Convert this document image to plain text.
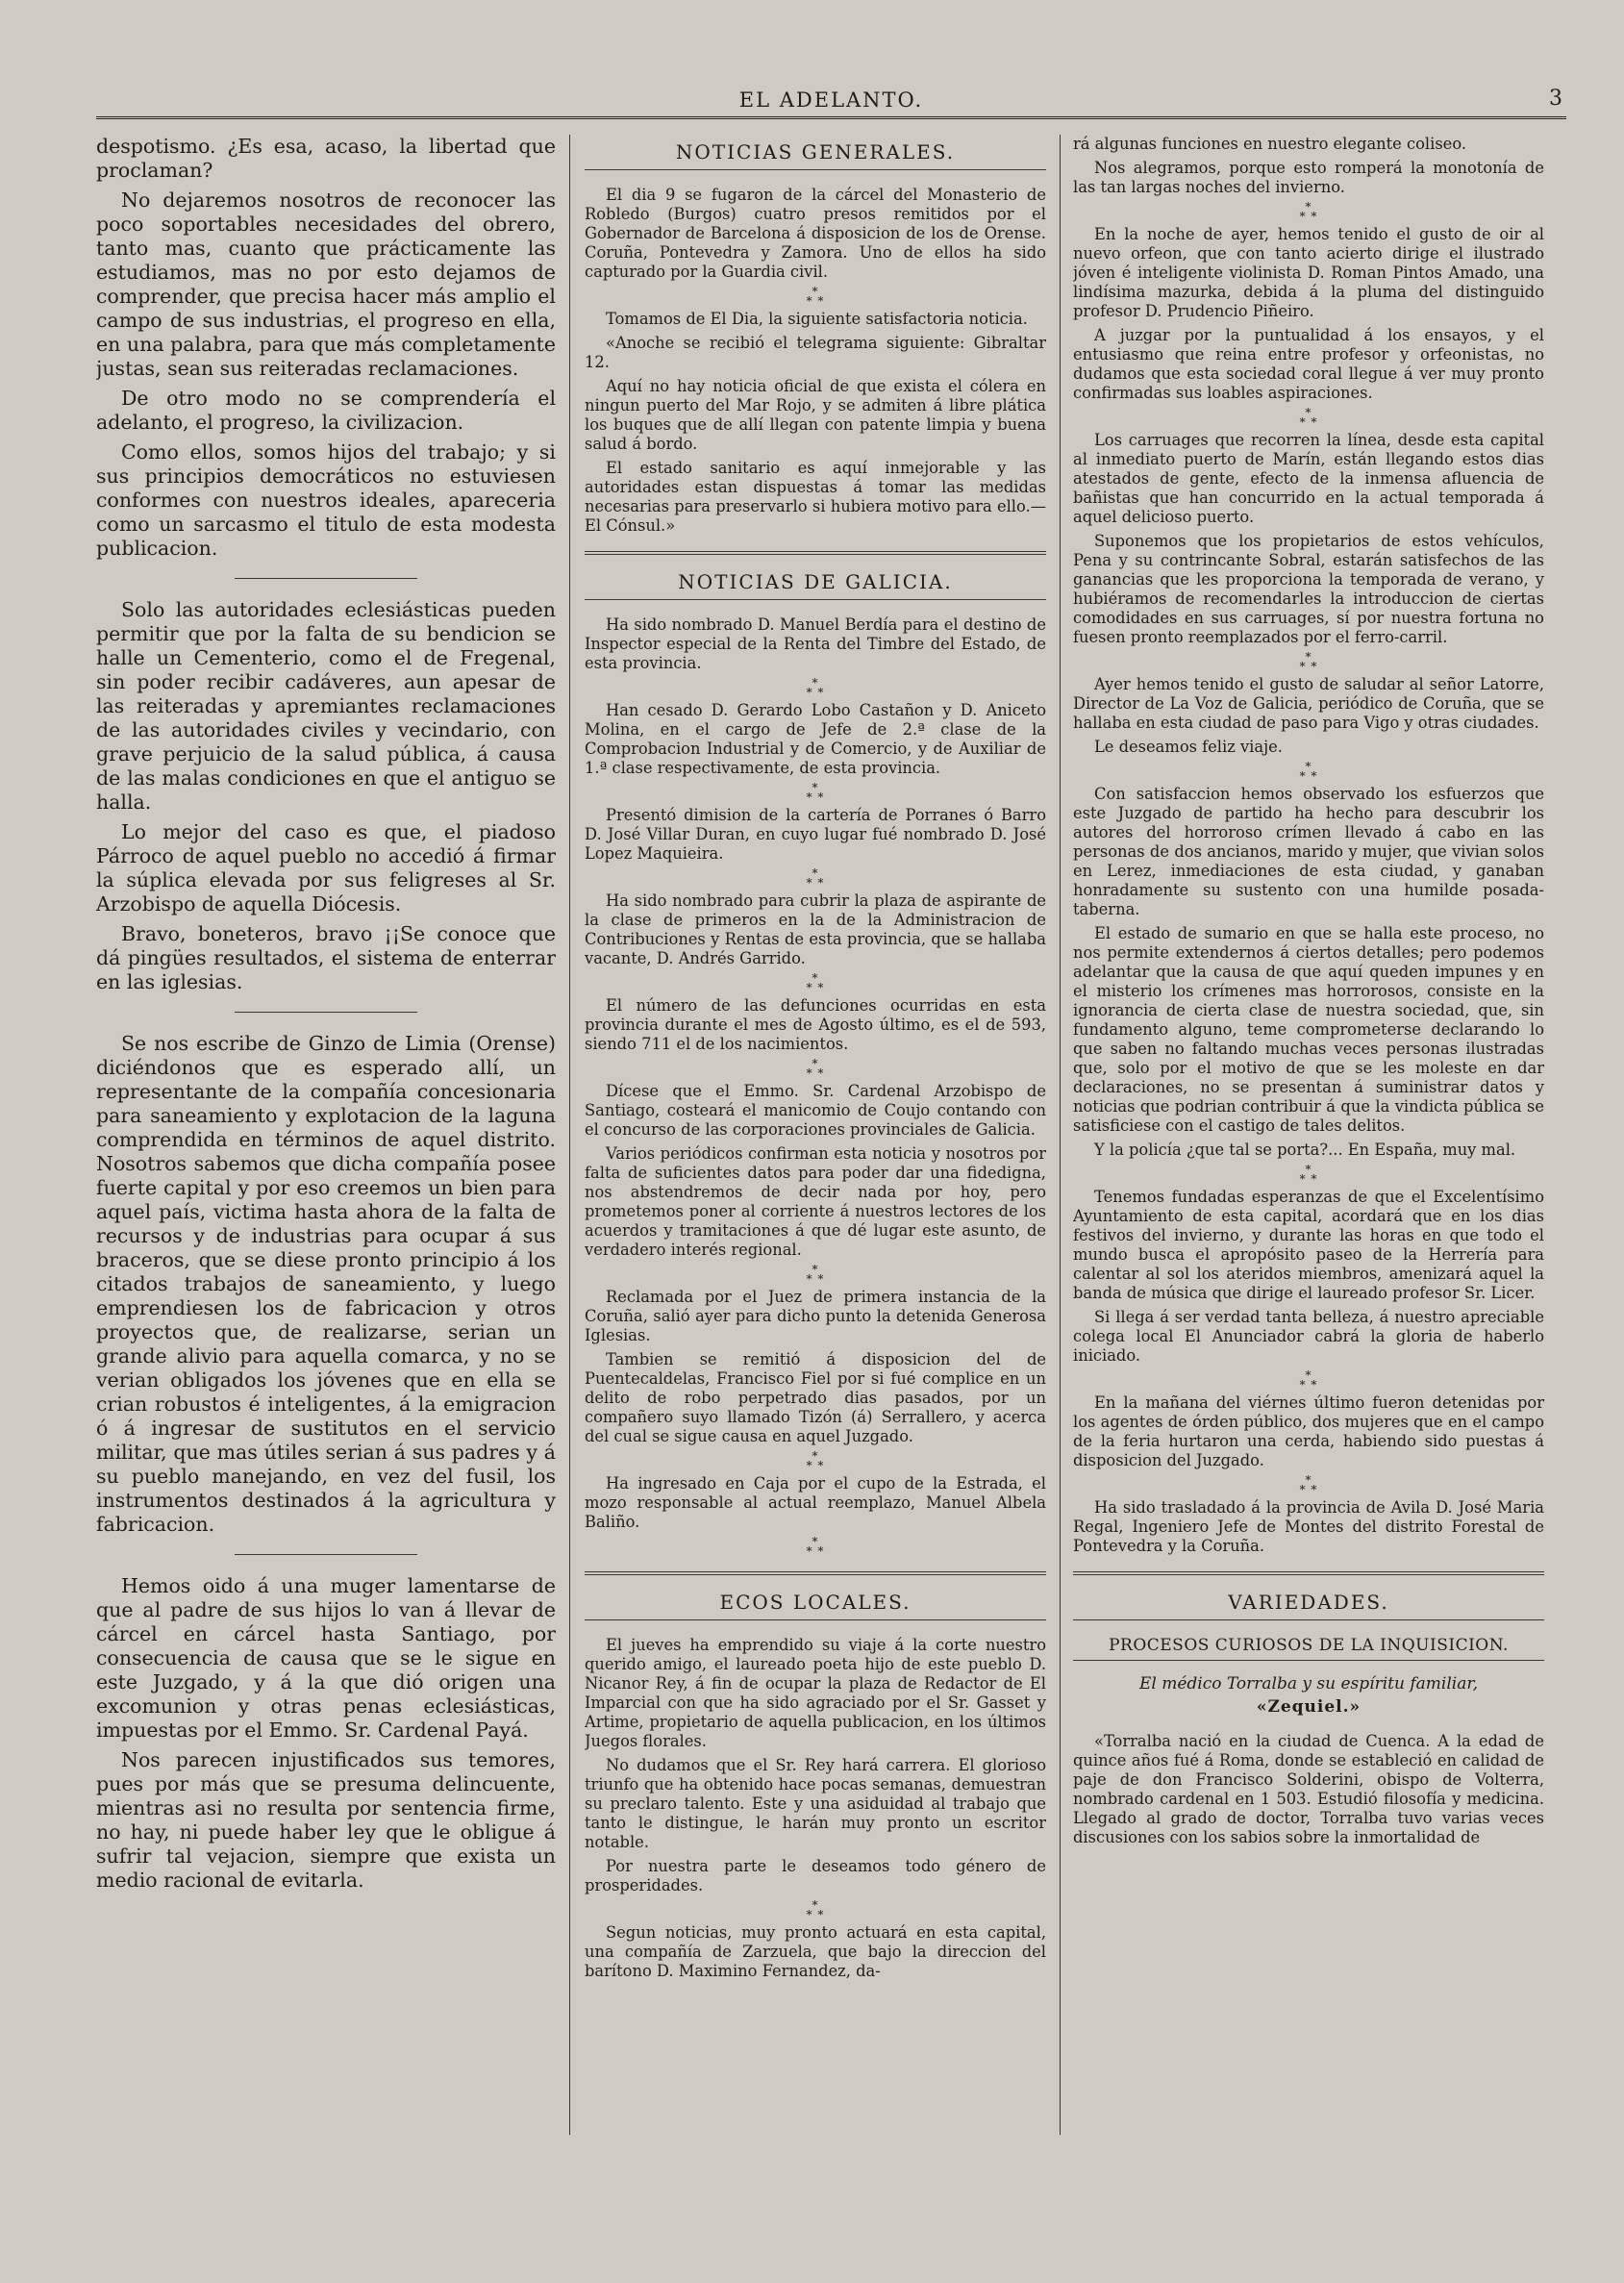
EL ADELANTO.	3

despotismo. ¿Es esa, acaso, la libertad que proclaman?

No dejaremos nosotros de reconocer las poco soportables necesidades del obrero, tanto mas, cuanto que prácticamente las estudiamos, mas no por esto dejamos de comprender, que precisa hacer más amplio el campo de sus industrias, el progreso en ella, en una palabra, para que más completamente justas, sean sus reiteradas reclamaciones.

De otro modo no se comprendería el adelanto, el progreso, la civilizacion.

Como ellos, somos hijos del trabajo; y si sus principios democráticos no estuviesen conformes con nuestros ideales, apareceria como un sarcasmo el titulo de esta modesta publicacion.

Solo las autoridades eclesiásticas pueden permitir que por la falta de su bendicion se halle un Cementerio, como el de Fregenal, sin poder recibir cadáveres, aun apesar de las reiteradas y apremiantes reclamaciones de las autoridades civiles y vecindario, con grave perjuicio de la salud pública, á causa de las malas condiciones en que el antiguo se halla.

Lo mejor del caso es que, el piadoso Párroco de aquel pueblo no accedió á firmar la súplica elevada por sus feligreses al Sr. Arzobispo de aquella Diócesis.

Bravo, boneteros, bravo ¡¡Se conoce que dá pingües resultados, el sistema de enterrar en las iglesias.

Se nos escribe de Ginzo de Limia (Orense) diciéndonos que es esperado allí, un representante de la compañía concesionaria para saneamiento y explotacion de la laguna comprendida en términos de aquel distrito. Nosotros sabemos que dicha compañía posee fuerte capital y por eso creemos un bien para aquel país, victima hasta ahora de la falta de recursos y de industrias para ocupar á sus braceros, que se diese pronto principio á los citados trabajos de saneamiento, y luego emprendiesen los de fabricacion y otros proyectos que, de realizarse, serian un grande alivio para aquella comarca, y no se verian obligados los jóvenes que en ella se crian robustos é inteligentes, á la emigracion ó á ingresar de sustitutos en el servicio militar, que mas útiles serian á sus padres y á su pueblo manejando, en vez del fusil, los instrumentos destinados á la agricultura y fabricacion.

Hemos oido á una muger lamentarse de que al padre de sus hijos lo van á llevar de cárcel en cárcel hasta Santiago, por consecuencia de causa que se le sigue en este Juzgado, y á la que dió origen una excomunion y otras penas eclesiásticas, impuestas por el Emmo. Sr. Cardenal Payá.

Nos parecen injustificados sus temores, pues por más que se presuma delincuente, mientras asi no resulta por sentencia firme, no hay, ni puede haber ley que le obligue á sufrir tal vejacion, siempre que exista un medio racional de evitarla.

NOTICIAS GENERALES.

El dia 9 se fugaron de la cárcel del Monasterio de Robledo (Burgos) cuatro presos remitidos por el Gobernador de Barcelona á disposicion de los de Orense. Coruña, Pontevedra y Zamora. Uno de ellos ha sido capturado por la Guardia civil.

*
* *

Tomamos de El Dia, la siguiente satisfactoria noticia.

«Anoche se recibió el telegrama siguiente: Gibraltar 12.

Aquí no hay noticia oficial de que exista el cólera en ningun puerto del Mar Rojo, y se admiten á libre plática los buques que de allí llegan con patente limpia y buena salud á bordo.

El estado sanitario es aquí inmejorable y las autoridades estan dispuestas á tomar las medidas necesarias para preservarlo si hubiera motivo para ello.—El Cónsul.»

NOTICIAS DE GALICIA.

Ha sido nombrado D. Manuel Berdía para el destino de Inspector especial de la Renta del Timbre del Estado, de esta provincia.

*
* *

Han cesado D. Gerardo Lobo Castañon y D. Aniceto Molina, en el cargo de Jefe de 2.ª clase de la Comprobacion Industrial y de Comercio, y de Auxiliar de 1.ª clase respectivamente, de esta provincia.

*
* *

Presentó dimision de la cartería de Porranes ó Barro D. José Villar Duran, en cuyo lugar fué nombrado D. José Lopez Maquieira.

*
* *

Ha sido nombrado para cubrir la plaza de aspirante de la clase de primeros en la de la Administracion de Contribuciones y Rentas de esta provincia, que se hallaba vacante, D. Andrés Garrido.

*
* *

El número de las defunciones ocurridas en esta provincia durante el mes de Agosto último, es el de 593, siendo 711 el de los nacimientos.

*
* *

Dícese que el Emmo. Sr. Cardenal Arzobispo de Santiago, costeará el manicomio de Coujo contando con el concurso de las corporaciones provinciales de Galicia.

Varios periódicos confirman esta noticia y nosotros por falta de suficientes datos para poder dar una fidedigna, nos abstendremos de decir nada por hoy, pero prometemos poner al corriente á nuestros lectores de los acuerdos y tramitaciones á que dé lugar este asunto, de verdadero interés regional.

*
* *

Reclamada por el Juez de primera instancia de la Coruña, salió ayer para dicho punto la detenida Generosa Iglesias.

Tambien se remitió á disposicion del de Puentecaldelas, Francisco Fiel por si fué complice en un delito de robo perpetrado dias pasados, por un compañero suyo llamado Tizón (á) Serrallero, y acerca del cual se sigue causa en aquel Juzgado.

*
* *

Ha ingresado en Caja por el cupo de la Estrada, el mozo responsable al actual reemplazo, Manuel Albela Baliño.

*
* *
ECOS LOCALES.

El jueves ha emprendido su viaje á la corte nuestro querido amigo, el laureado poeta hijo de este pueblo D. Nicanor Rey, á fin de ocupar la plaza de Redactor de El Imparcial con que ha sido agraciado por el Sr. Gasset y Artime, propietario de aquella publicacion, en los últimos Juegos florales.

No dudamos que el Sr. Rey hará carrera. El glorioso triunfo que ha obtenido hace pocas semanas, demuestran su preclaro talento. Este y una asiduidad al trabajo que tanto le distingue, le harán muy pronto un escritor notable.

Por nuestra parte le deseamos todo género de prosperidades.

*
* *

Segun noticias, muy pronto actuará en esta capital, una compañía de Zarzuela, que bajo la direccion del barítono D. Maximino Fernandez, da-

rá algunas funciones en nuestro elegante coliseo.

Nos alegramos, porque esto romperá la monotonía de las tan largas noches del invierno.

*
* *

En la noche de ayer, hemos tenido el gusto de oir al nuevo orfeon, que con tanto acierto dirige el ilustrado jóven é inteligente violinista D. Roman Pintos Amado, una lindísima mazurka, debida á la pluma del distinguido profesor D. Prudencio Piñeiro.

A juzgar por la puntualidad á los ensayos, y el entusiasmo que reina entre profesor y orfeonistas, no dudamos que esta sociedad coral llegue á ver muy pronto confirmadas sus loables aspiraciones.

*
* *

Los carruages que recorren la línea, desde esta capital al inmediato puerto de Marín, están llegando estos dias atestados de gente, efecto de la inmensa afluencia de bañistas que han concurrido en la actual temporada á aquel delicioso puerto.

Suponemos que los propietarios de estos vehículos, Pena y su contrincante Sobral, estarán satisfechos de las ganancias que les proporciona la temporada de verano, y hubiéramos de recomendarles la introduccion de ciertas comodidades en sus carruages, sí por nuestra fortuna no fuesen pronto reemplazados por el ferro-carril.

*
* *

Ayer hemos tenido el gusto de saludar al señor Latorre, Director de La Voz de Galicia, periódico de Coruña, que se hallaba en esta ciudad de paso para Vigo y otras ciudades.

Le deseamos feliz viaje.

*
* *

Con satisfaccion hemos observado los esfuerzos que este Juzgado de partido ha hecho para descubrir los autores del horroroso crímen llevado á cabo en las personas de dos ancianos, marido y mujer, que vivian solos en Lerez, inmediaciones de esta ciudad, y ganaban honradamente su sustento con una humilde posada-taberna.

El estado de sumario en que se halla este proceso, no nos permite extendernos á ciertos detalles; pero podemos adelantar que la causa de que aquí queden impunes y en el misterio los crímenes mas horrorosos, consiste en la ignorancia de cierta clase de nuestra sociedad, que, sin fundamento alguno, teme comprometerse declarando lo que saben no faltando muchas veces personas ilustradas que, solo por el motivo de que se les moleste en dar declaraciones, no se presentan á suministrar datos y noticias que podrian contribuir á que la vindicta pública se satisficiese con el castigo de tales delitos.

Y la policía ¿que tal se porta?... En España, muy mal.

*
* *

Tenemos fundadas esperanzas de que el Excelentísimo Ayuntamiento de esta capital, acordará que en los dias festivos del invierno, y durante las horas en que todo el mundo busca el apropósito paseo de la Herrería para calentar al sol los ateridos miembros, amenizará aquel la banda de música que dirige el laureado profesor Sr. Licer.

Si llega á ser verdad tanta belleza, á nuestro apreciable colega local El Anunciador cabrá la gloria de haberlo iniciado.

*
* *

En la mañana del viérnes último fueron detenidas por los agentes de órden público, dos mujeres que en el campo de la feria hurtaron una cerda, habiendo sido puestas á disposicion del Juzgado.

*
* *

Ha sido trasladado á la provincia de Avila D. José Maria Regal, Ingeniero Jefe de Montes del distrito Forestal de Pontevedra y la Coruña.

VARIEDADES.
PROCESOS CURIOSOS DE LA INQUISICION.
El médico Torralba y su espíritu familiar,
«Zequiel.»

«Torralba nació en la ciudad de Cuenca. A la edad de quince años fué á Roma, donde se estableció en calidad de paje de don Francisco Solderini, obispo de Volterra, nombrado cardenal en 1 503. Estudió filosofía y medicina. Llegado al grado de doctor, Torralba tuvo varias veces discusiones con los sabios sobre la inmortalidad de
